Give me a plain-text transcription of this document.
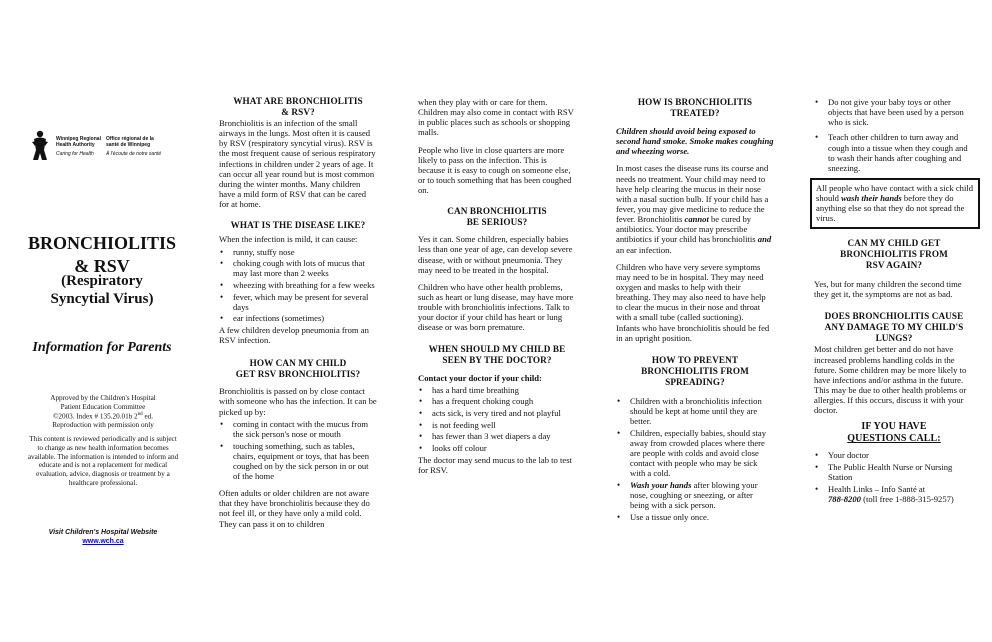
Winnipeg Regional
Health Authority
Office régional de la
santé de Winnipeg
Caring for Health À l'écoute de notre santé
BRONCHIOLITIS
& RSV
(Respiratory
Syncytial Virus)
Information for Parents
Approved by the Children's Hospital
Patient Education Committee
©2003. Index # 135.20.01b 2nd ed.
Reproduction with permission only
This content is reviewed periodically and is subject to change as new health information becomes available. The information is intended to inform and educate and is not a replacement for medical evaluation, advice, diagnosis or treatment by a healthcare professional.
Visit Children's Hospital Website
www.wch.ca
WHAT ARE BRONCHIOLITIS
& RSV?

Bronchiolitis is an infection of the small airways in the lungs. Most often it is caused by RSV (respiratory syncytial virus). RSV is the most frequent cause of serious respiratory infections in children under 2 years of age. It can occur all year round but is most common during the winter months. Many children have a mild form of RSV that can be cared for at home.

WHAT IS THE DISEASE LIKE?

When the infection is mild, it can cause:

• runny, stuffy nose
• choking cough with lots of mucus that may last more than 2 weeks
• wheezing with breathing for a few weeks
• fever, which may be present for several days
• ear infections (sometimes)

A few children develop pneumonia from an RSV infection.

HOW CAN MY CHILD
GET RSV BRONCHIOLITIS?

Bronchiolitis is passed on by close contact with someone who has the infection. It can be picked up by:

• coming in contact with the mucus from the sick person's nose or mouth
• touching something, such as tables, chairs, equipment or toys, that has been coughed on by the sick person in or out of the home

Often adults or older children are not aware that they have bronchiolitis because they do not feel ill, or they have only a mild cold. They can pass it on to children

when they play with or care for them. Children may also come in contact with RSV in public places such as schools or shopping malls.

People who live in close quarters are more likely to pass on the infection. This is because it is easy to cough on someone else, or to touch something that has been coughed on.

CAN BRONCHIOLITIS
BE SERIOUS?

Yes it can. Some children, especially babies less than one year of age, can develop severe disease, with or without pneumonia. They may need to be treated in the hospital.

Children who have other health problems, such as heart or lung disease, may have more trouble with bronchiolitis infections. Talk to your doctor if your child has heart or lung disease or was born premature.

WHEN SHOULD MY CHILD BE
SEEN BY THE DOCTOR?

Contact your doctor if your child:

• has a hard time breathing
• has a frequent choking cough
• acts sick, is very tired and not playful
• is not feeding well
• has fewer than 3 wet diapers a day
• looks off colour

The doctor may send mucus to the lab to test for RSV.

HOW IS BRONCHIOLITIS
TREATED?

Children should avoid being exposed to second hand smoke. Smoke makes coughing and wheezing worse.

In most cases the disease runs its course and needs no treatment. Your child may need to have help clearing the mucus in their nose with a nasal suction bulb. If your child has a fever, you may give medicine to reduce the fever. Bronchiolitis cannot be cured by antibiotics. Your doctor may prescribe antibiotics if your child has bronchiolitis and an ear infection.

Children who have very severe symptoms may need to be in hospital. They may need oxygen and masks to help with their breathing. They may also need to have help to clear the mucus in their nose and throat with a small tube (called suctioning).

Infants who have bronchiolitis should be fed in an upright position.

HOW TO PREVENT
BRONCHIOLITIS FROM
SPREADING?
• Children with a bronchiolitis infection should be kept at home until they are better.
• Children, especially babies, should stay away from crowded places where there are people with colds and avoid close contact with people who may be sick with a cold.
• Wash your hands after blowing your nose, coughing or sneezing, or after being with a sick person.
• Use a tissue only once.
• Do not give your baby toys or other objects that have been used by a person who is sick.
• Teach other children to turn away and cough into a tissue when they cough and to wash their hands after coughing and sneezing.
All people who have contact with a sick child should wash their hands before they do anything else so that they do not spread the virus.
CAN MY CHILD GET
BRONCHIOLITIS FROM
RSV AGAIN?

Yes, but for many children the second time they get it, the symptoms are not as bad.

DOES BRONCHIOLITIS CAUSE
ANY DAMAGE TO MY CHILD'S
LUNGS?

Most children get better and do not have increased problems handling colds in the future. Some children may be more likely to have infections and/or asthma in the future. This may be due to other health problems or allergies. If this occurs, discuss it with your doctor.

IF YOU HAVE
QUESTIONS CALL:
• Your doctor
• The Public Health Nurse or Nursing Station
• Health Links – Info Santé at
788-8200 (toll free 1-888-315-9257)
